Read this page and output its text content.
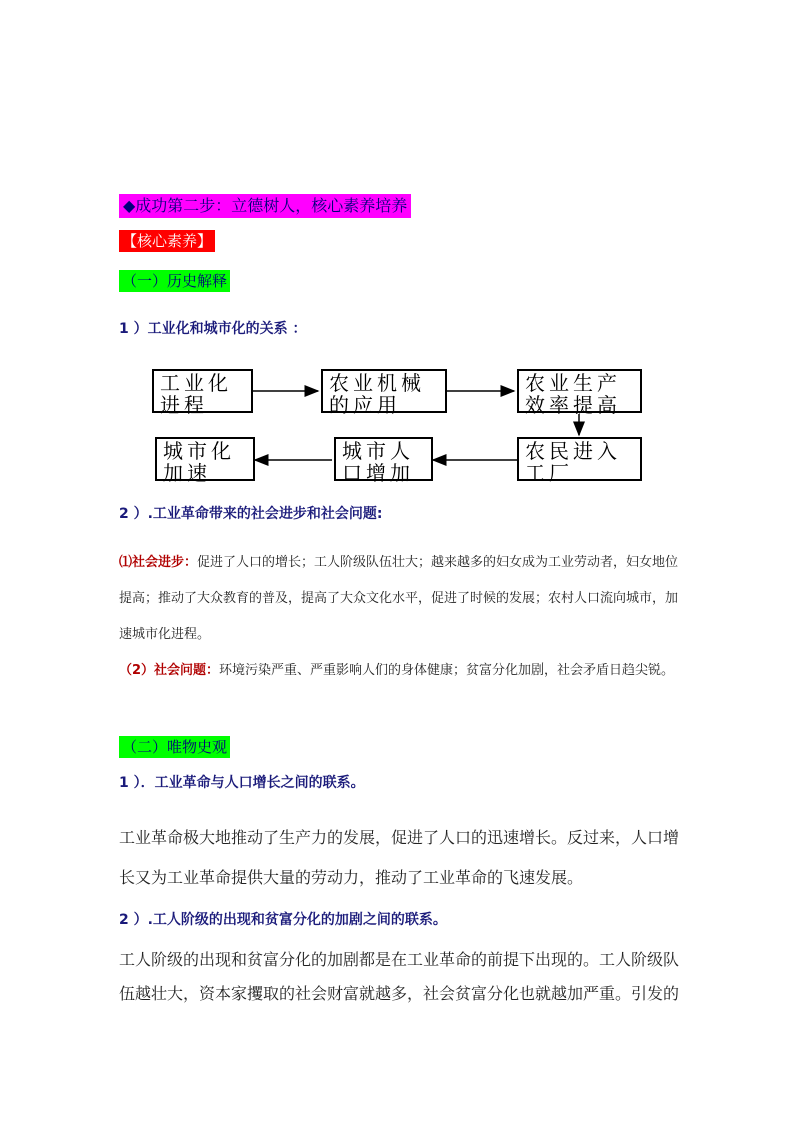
◆成功第二步：立德树人，核心素养培养
【核心素养】
（一）历史解释
1 ）工业化和城市化的关系 ：
工业化
进程
农业机械
的应用
农业生产
效率提高
城市化
加速
城市人
口增加
农民进入
工厂
2 ）.工业革命带来的社会进步和社会问题:
⑴社会进步：促进了人口的增长；工人阶级队伍壮大；越来越多的妇女成为工业劳动者，妇女地位提高；推动了大众教育的普及，提高了大众文化水平，促进了时候的发展；农村人口流向城市，加速城市化进程。
（2）社会问题：环境污染严重、严重影响人们的身体健康；贫富分化加剧，社会矛盾日趋尖锐。
（二）唯物史观
1 ）．工业革命与人口增长之间的联系。
工业革命极大地推动了生产力的发展，促进了人口的迅速增长。反过来，人口增
长又为工业革命提供大量的劳动力，推动了工业革命的飞速发展。
2 ）.工人阶级的出现和贫富分化的加剧之间的联系。
工人阶级的出现和贫富分化的加剧都是在工业革命的前提下出现的。工人阶级队
伍越壮大，资本家攫取的社会财富就越多，社会贫富分化也就越加严重。引发的
